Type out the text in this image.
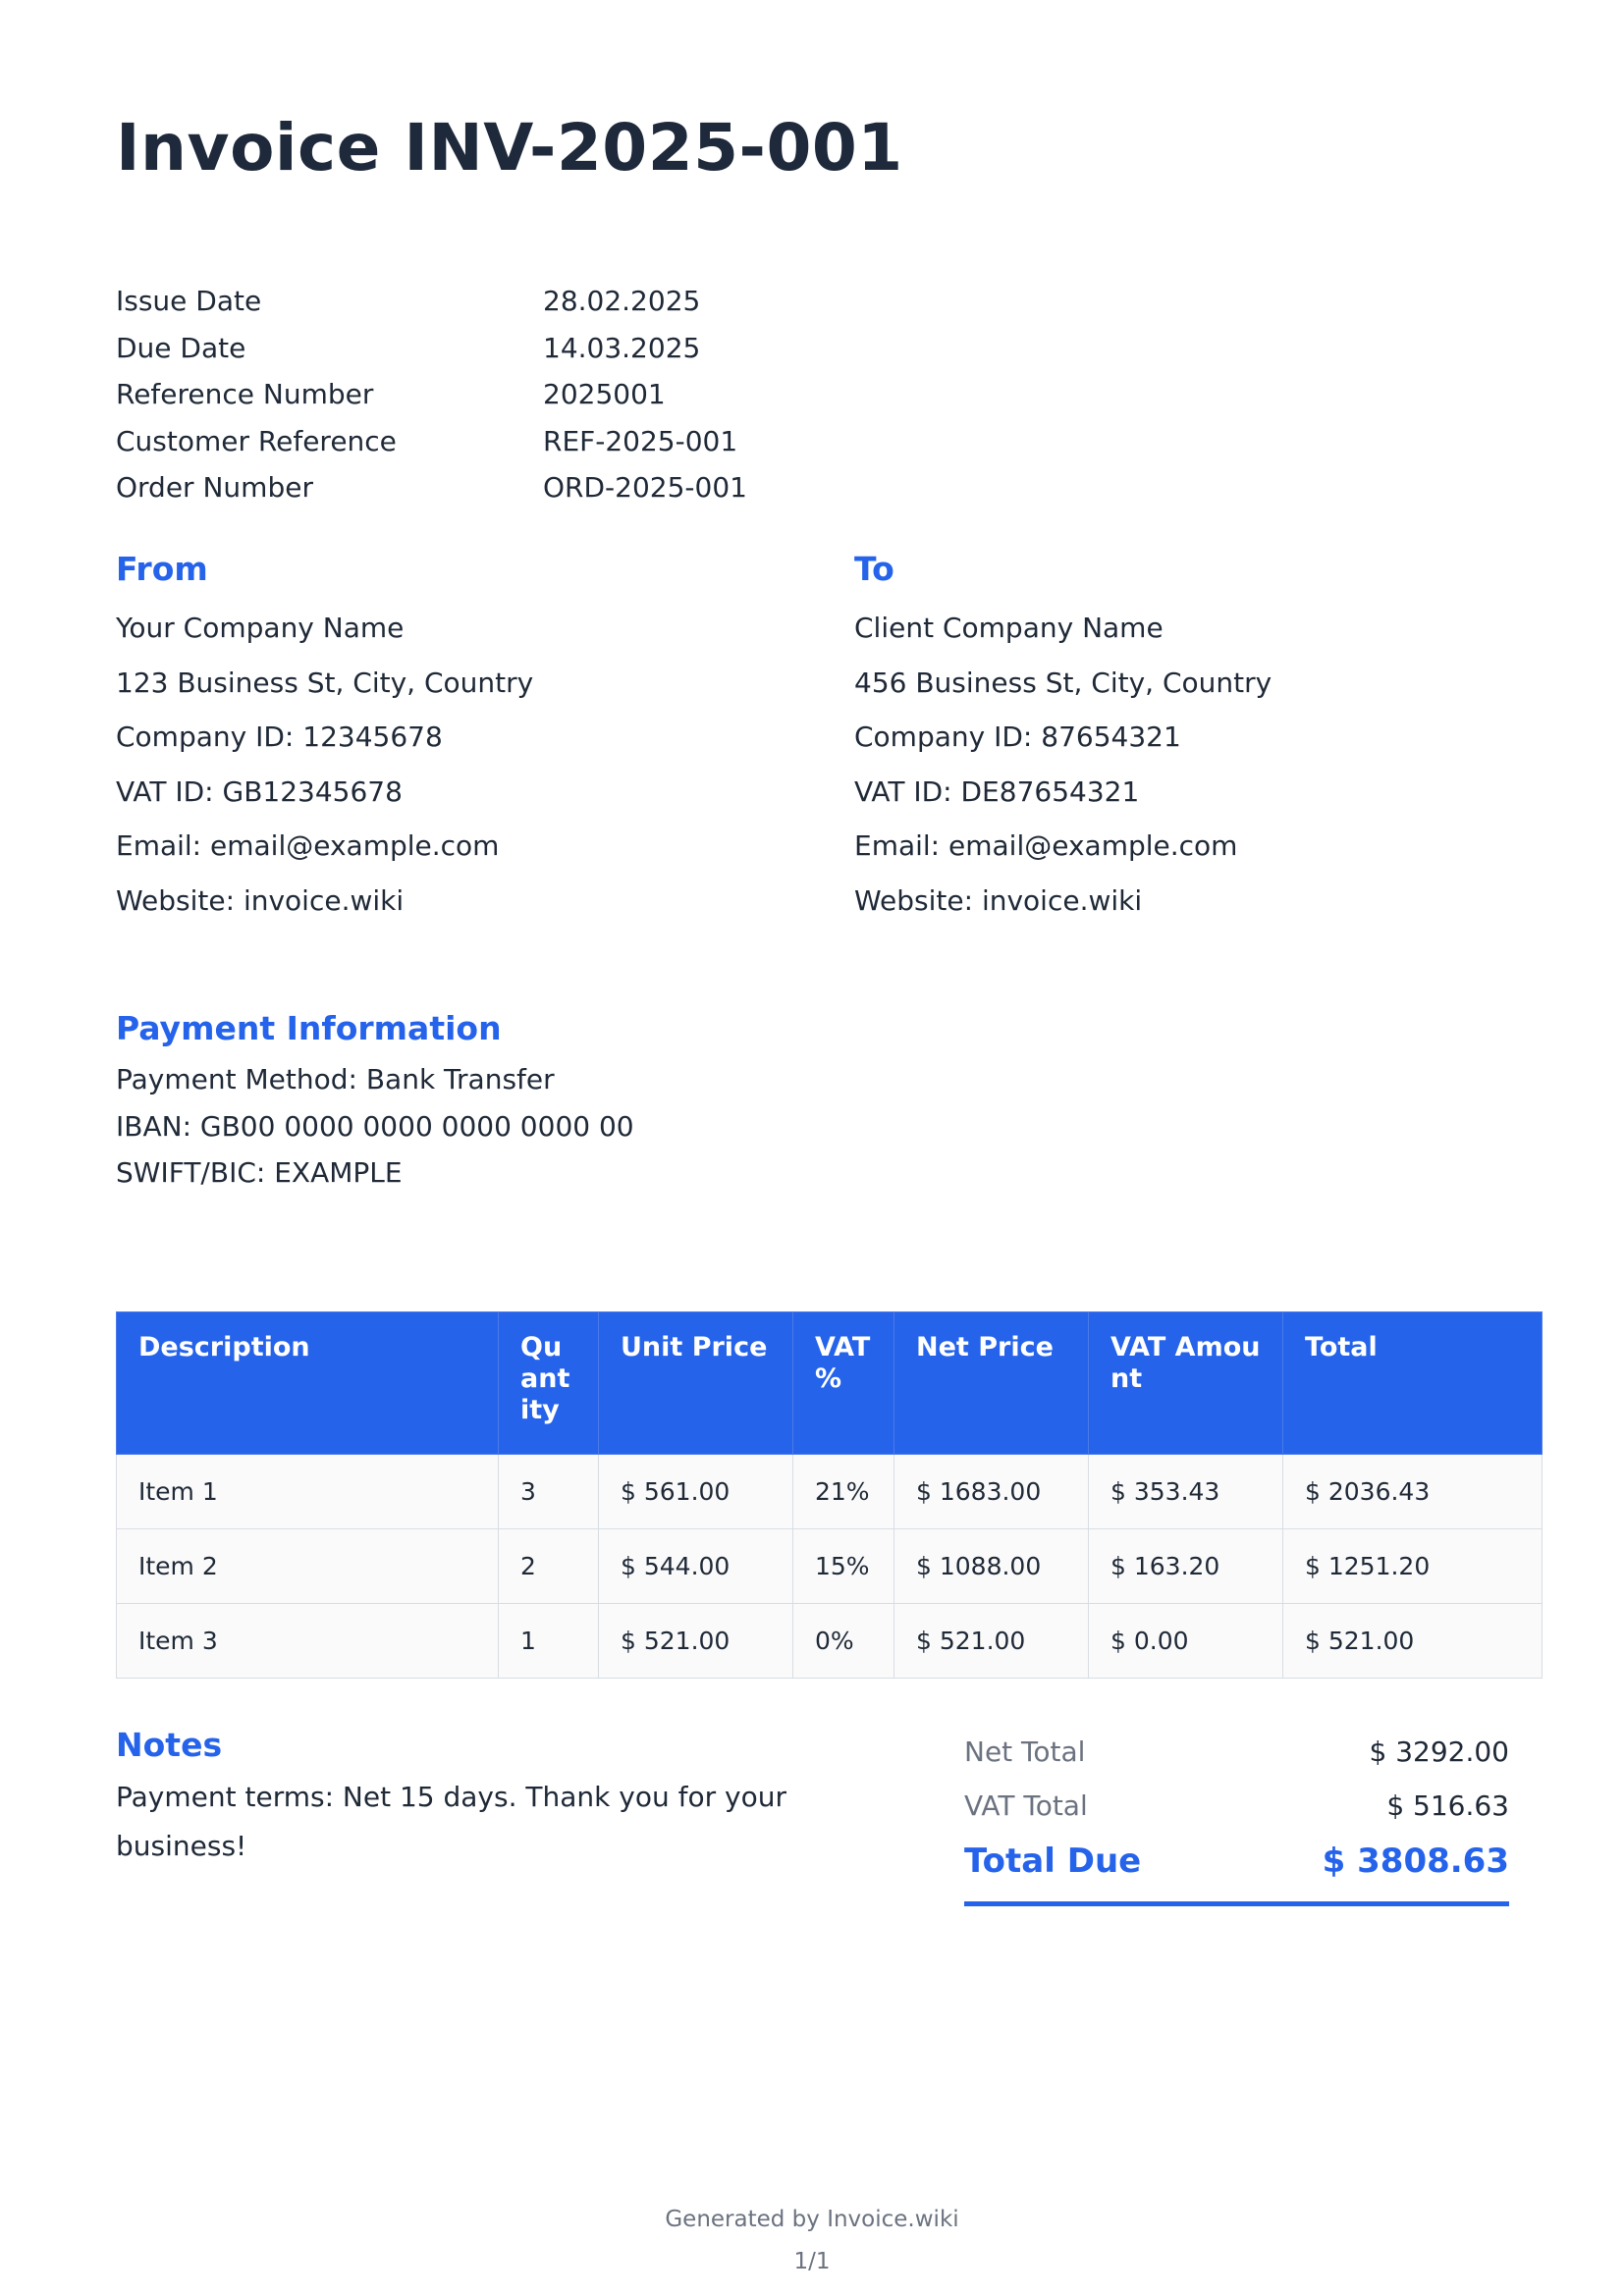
Invoice INV-2025-001
Issue Date	28.02.2025
Due Date	14.03.2025
Reference Number	2025001
Customer Reference	REF-2025-001
Order Number	ORD-2025-001
From
Your Company Name
123 Business St, City, Country
Company ID: 12345678
VAT ID: GB12345678
Email: email@example.com
Website: invoice.wiki
To
Client Company Name
456 Business St, City, Country
Company ID: 87654321
VAT ID: DE87654321
Email: email@example.com
Website: invoice.wiki
Payment Information
Payment Method: Bank Transfer
IBAN: GB00 0000 0000 0000 0000 00
SWIFT/BIC: EXAMPLE
Description	Quantity	Unit Price	VAT %	Net Price	VAT Amount	Total
Item 1	3	$ 561.00	21%	$ 1683.00	$ 353.43	$ 2036.43
Item 2	2	$ 544.00	15%	$ 1088.00	$ 163.20	$ 1251.20
Item 3	1	$ 521.00	0%	$ 521.00	$ 0.00	$ 521.00
Notes
Payment terms: Net 15 days. Thank you for your business!
Net Total	$ 3292.00
VAT Total	$ 516.63
Total Due	$ 3808.63
Generated by Invoice.wiki
1/1
